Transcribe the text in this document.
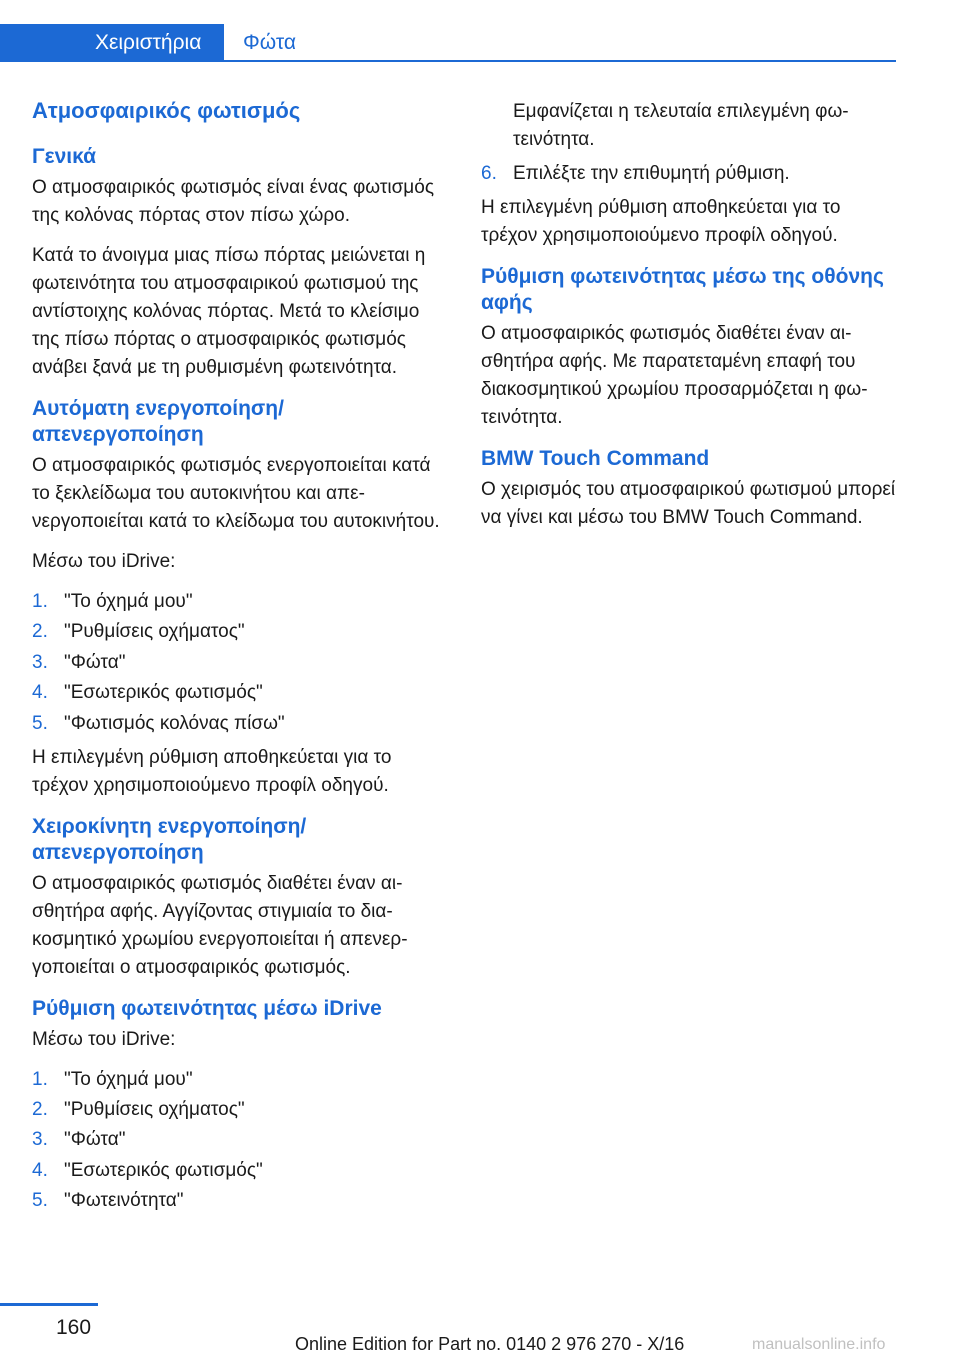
Χειριστήρια	Φώτα
Ατμοσφαιρικός φωτισμός
Γενικά

Ο ατμοσφαιρικός φωτισμός είναι ένας φωτισμός της κολόνας πόρτας στον πίσω χώρο.

Κατά το άνοιγμα μιας πίσω πόρτας μειώνεται η φωτεινότητα του ατμοσφαιρικού φωτισμού της αντίστοιχης κολόνας πόρτας. Μετά το κλείσιμο της πίσω πόρτας ο ατμοσφαιρικός φωτισμός ανάβει ξανά με τη ρυθμισμένη φωτεινότητα.

Αυτόματη ενεργοποίηση/ απενεργοποίηση

Ο ατμοσφαιρικός φωτισμός ενεργοποιείται κατά το ξεκλείδωμα του αυτοκινήτου και απενεργοποιείται κατά το κλείδωμα του αυτοκινήτου.

Μέσω του iDrive:

1. "Το όχημά μου"
2. "Ρυθμίσεις οχήματος"
3. "Φώτα"
4. "Εσωτερικός φωτισμός"
5. "Φωτισμός κολόνας πίσω"

Η επιλεγμένη ρύθμιση αποθηκεύεται για το τρέχον χρησιμοποιούμενο προφίλ οδηγού.

Χειροκίνητη ενεργοποίηση/ απενεργοποίηση

Ο ατμοσφαιρικός φωτισμός διαθέτει έναν αισθητήρα αφής. Αγγίζοντας στιγμιαία το διακοσμητικό χρωμίου ενεργοποιείται ή απενεργοποιείται ο ατμοσφαιρικός φωτισμός.

Ρύθμιση φωτεινότητας μέσω iDrive

Μέσω του iDrive:

1. "Το όχημά μου"
2. "Ρυθμίσεις οχήματος"
3. "Φώτα"
4. "Εσωτερικός φωτισμός"
5. "Φωτεινότητα"

Εμφανίζεται η τελευταία επιλεγμένη φωτεινότητα.

6. Επιλέξτε την επιθυμητή ρύθμιση.

Η επιλεγμένη ρύθμιση αποθηκεύεται για το τρέχον χρησιμοποιούμενο προφίλ οδηγού.

Ρύθμιση φωτεινότητας μέσω της οθόνης αφής

Ο ατμοσφαιρικός φωτισμός διαθέτει έναν αισθητήρα αφής. Με παρατεταμένη επαφή του διακοσμητικού χρωμίου προσαρμόζεται η φωτεινότητα.

BMW Touch Command

Ο χειρισμός του ατμοσφαιρικού φωτισμού μπορεί να γίνει και μέσω του BMW Touch Command.

160
Online Edition for Part no. 0140 2 976 270 - X/16	manualsonline.info
